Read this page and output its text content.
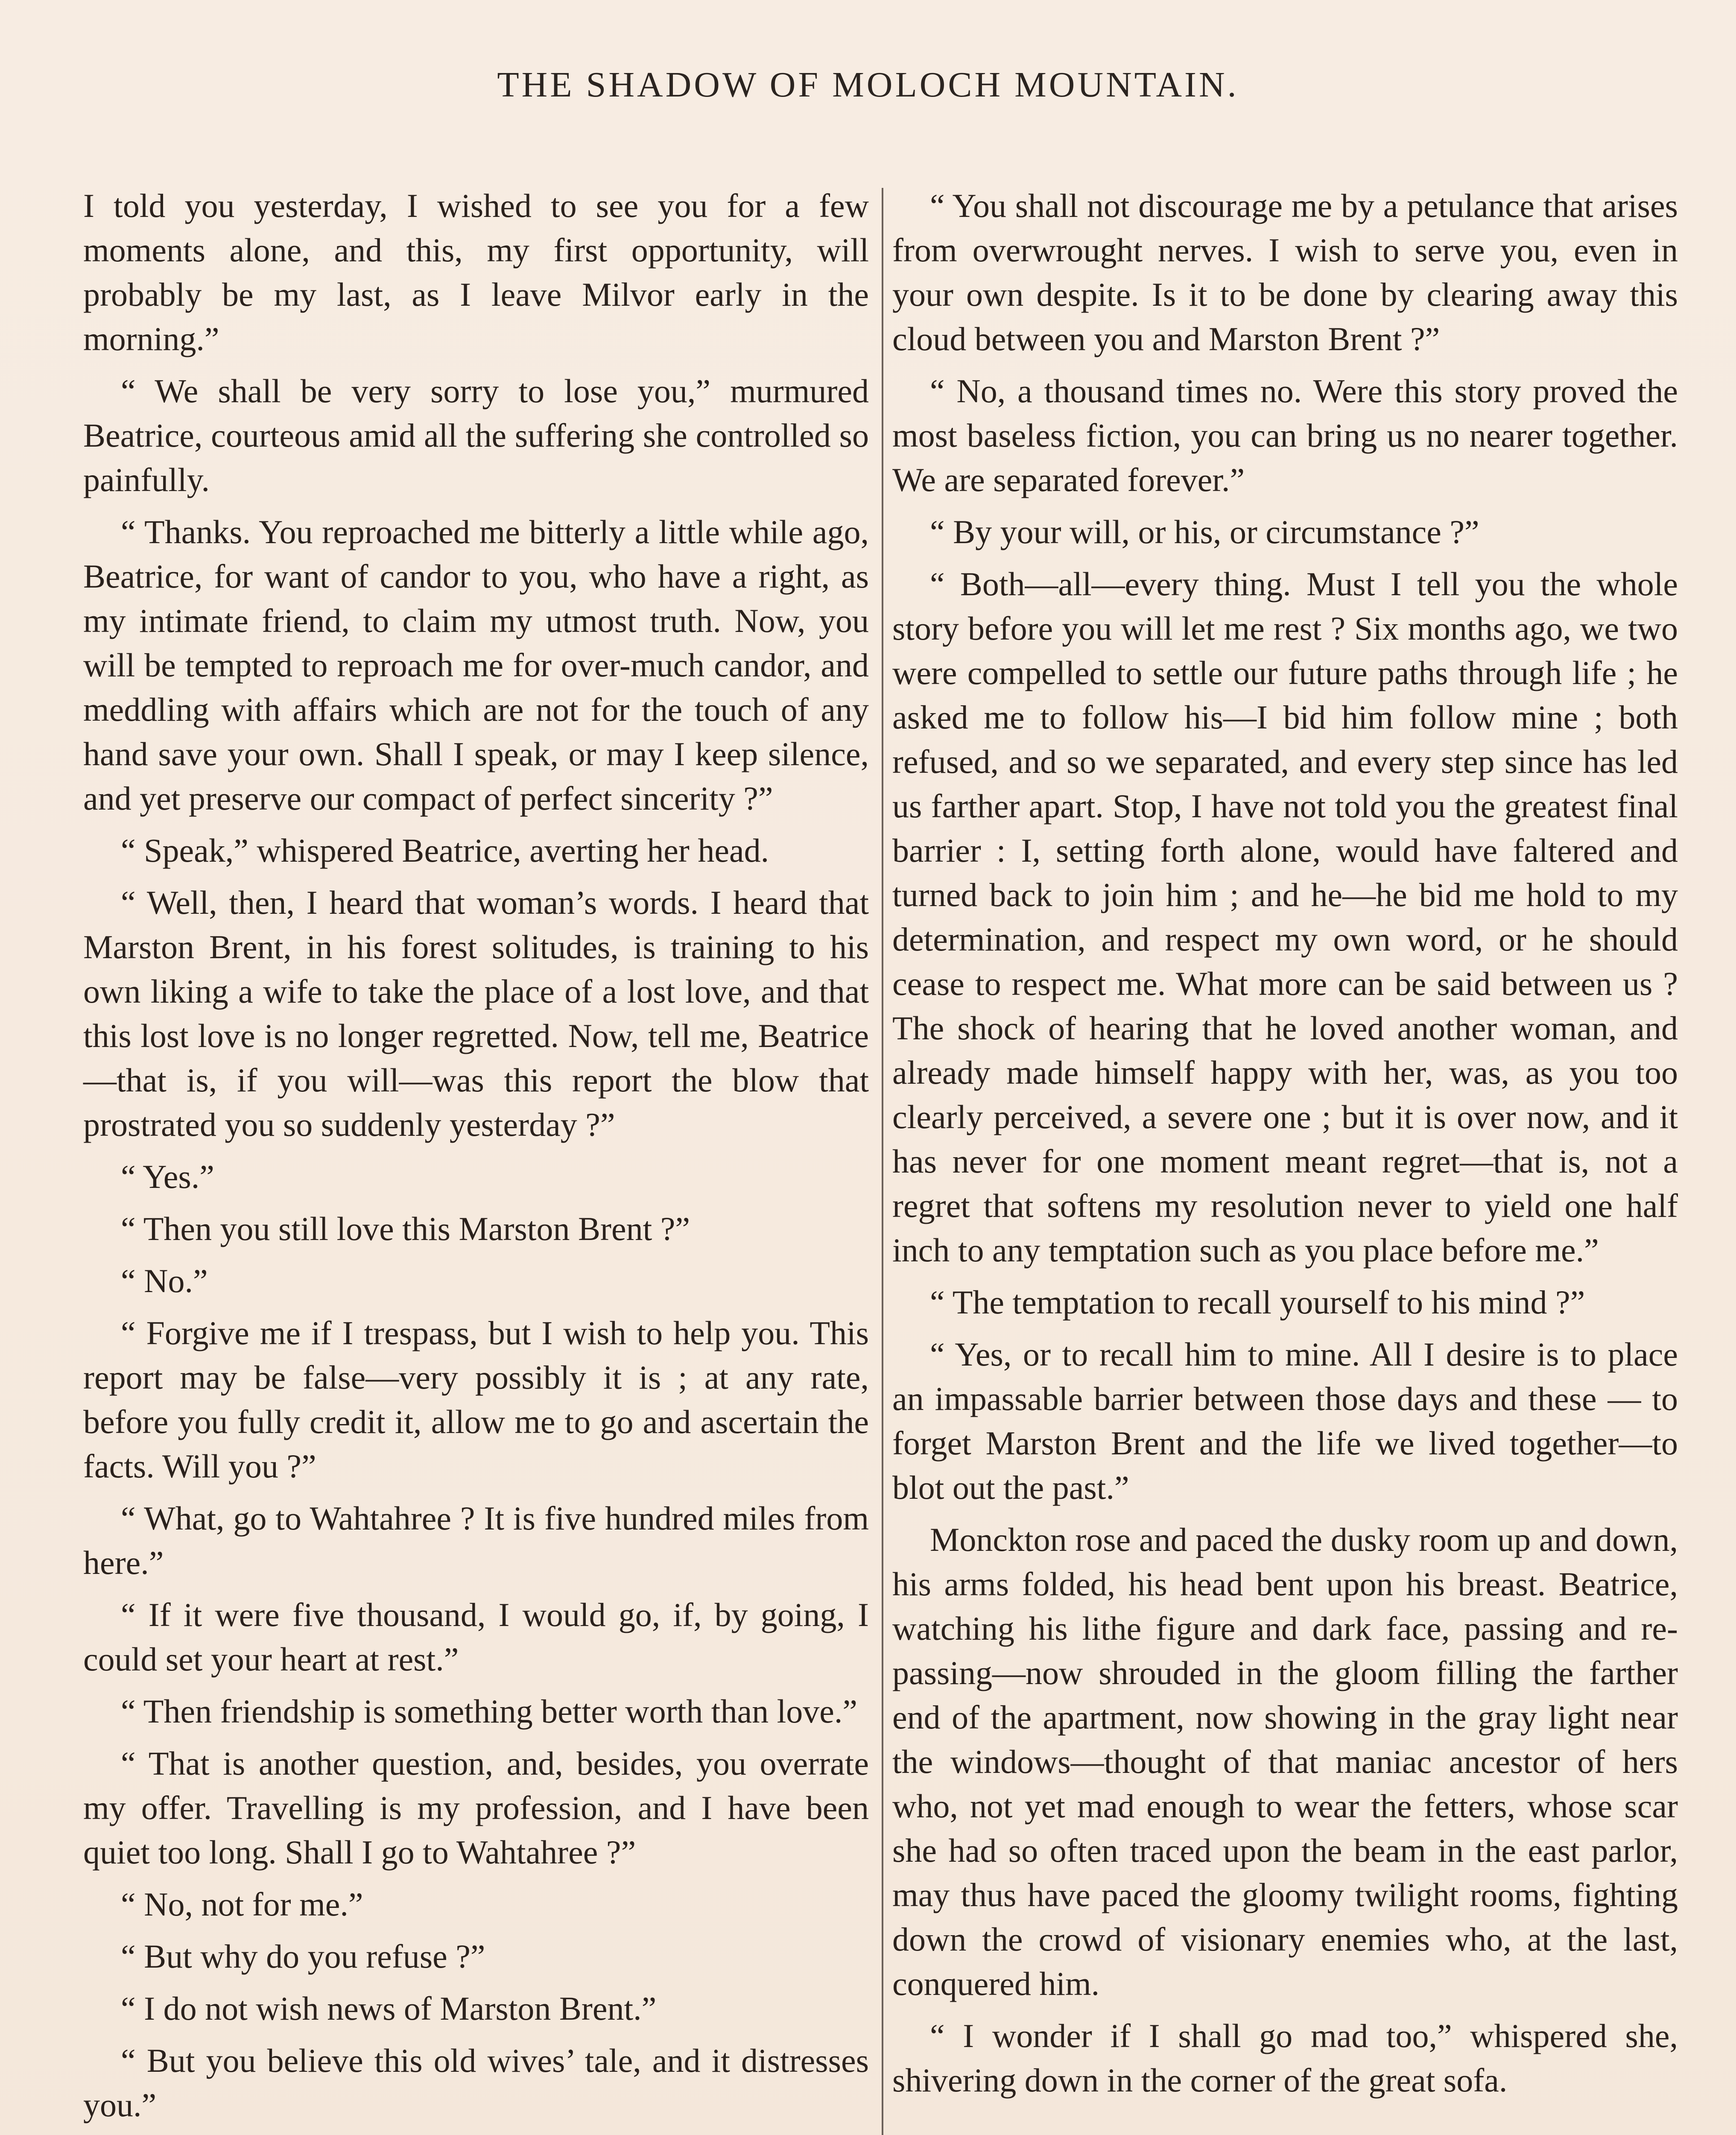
THE SHADOW OF MOLOCH MOUNTAIN.

I told you yesterday, I wished to see you for a few moments alone, and this, my first opportunity, will probably be my last, as I leave Milvor early in the morning.”

“ We shall be very sorry to lose you,” murmured Beatrice, courteous amid all the suffering she controlled so painfully.

“ Thanks. You reproached me bitterly a little while ago, Beatrice, for want of candor to you, who have a right, as my intimate friend, to claim my utmost truth. Now, you will be tempted to reproach me for over-much candor, and meddling with affairs which are not for the touch of any hand save your own. Shall I speak, or may I keep silence, and yet preserve our compact of perfect sincerity ?”

“ Speak,” whispered Beatrice, averting her head.

“ Well, then, I heard that woman’s words. I heard that Marston Brent, in his forest solitudes, is training to his own liking a wife to take the place of a lost love, and that this lost love is no longer regretted. Now, tell me, Beatrice—that is, if you will—was this report the blow that prostrated you so suddenly yesterday ?”

“ Yes.”

“ Then you still love this Marston Brent ?”

“ No.”

“ Forgive me if I trespass, but I wish to help you. This report may be false—very possibly it is ; at any rate, before you fully credit it, allow me to go and ascertain the facts. Will you ?”

“ What, go to Wahtahree ? It is five hundred miles from here.”

“ If it were five thousand, I would go, if, by going, I could set your heart at rest.”

“ Then friendship is something better worth than love.”

“ That is another question, and, besides, you overrate my offer. Travelling is my profession, and I have been quiet too long. Shall I go to Wahtahree ?”

“ No, not for me.”

“ But why do you refuse ?”

“ I do not wish news of Marston Brent.”

“ But you believe this old wives’ tale, and it distresses you.”

“ You shall not discourage me by a petulance that arises from overwrought nerves. I wish to serve you, even in your own despite. Is it to be done by clearing away this cloud between you and Marston Brent ?”

“ No, a thousand times no. Were this story proved the most baseless fiction, you can bring us no nearer together. We are separated forever.”

“ By your will, or his, or circumstance ?”

“ Both—all—every thing. Must I tell you the whole story before you will let me rest ? Six months ago, we two were compelled to settle our future paths through life ; he asked me to follow his—I bid him follow mine ; both refused, and so we separated, and every step since has led us farther apart. Stop, I have not told you the greatest final barrier : I, setting forth alone, would have faltered and turned back to join him ; and he—he bid me hold to my determination, and respect my own word, or he should cease to respect me. What more can be said between us ? The shock of hearing that he loved another woman, and already made himself happy with her, was, as you too clearly perceived, a severe one ; but it is over now, and it has never for one moment meant regret—that is, not a regret that softens my resolution never to yield one half inch to any temptation such as you place before me.”

“ The temptation to recall yourself to his mind ?”

“ Yes, or to recall him to mine. All I desire is to place an impassable barrier between those days and these — to forget Marston Brent and the life we lived together—to blot out the past.”

Monckton rose and paced the dusky room up and down, his arms folded, his head bent upon his breast. Beatrice, watching his lithe figure and dark face, passing and re-passing—now shrouded in the gloom filling the farther end of the apartment, now showing in the gray light near the windows—thought of that maniac ancestor of hers who, not yet mad enough to wear the fetters, whose scar she had so often traced upon the beam in the east parlor, may thus have paced the gloomy twilight rooms, fighting down the crowd of visionary enemies who, at the last, conquered him.

“ I wonder if I shall go mad too,” whispered she, shivering down in the corner of the great sofa.
